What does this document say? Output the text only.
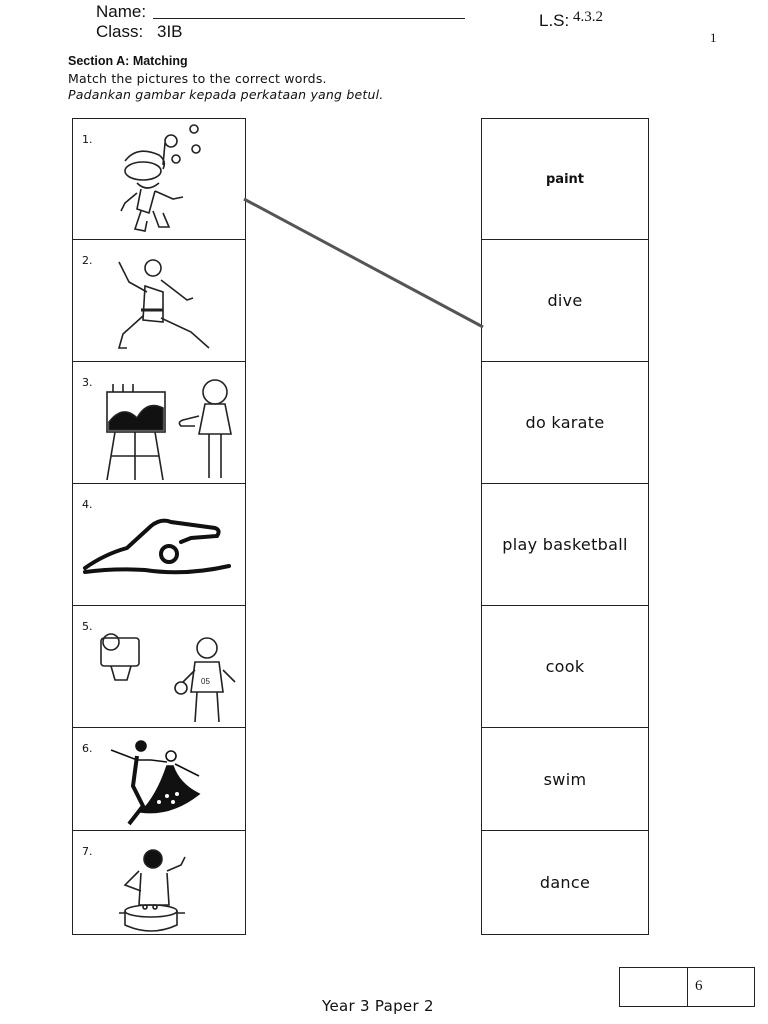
Name:
Class: 3IB
L.S: 4.3.2
1
Section A: Matching
Match the pictures to the correct words.
Padankan gambar kepada perkataan yang betul.
1.
2.
3.
4.
5.
05
6.
7.
paint
dive
do karate
play basketball
cook
swim
dance
6
Year 3 Paper 2
